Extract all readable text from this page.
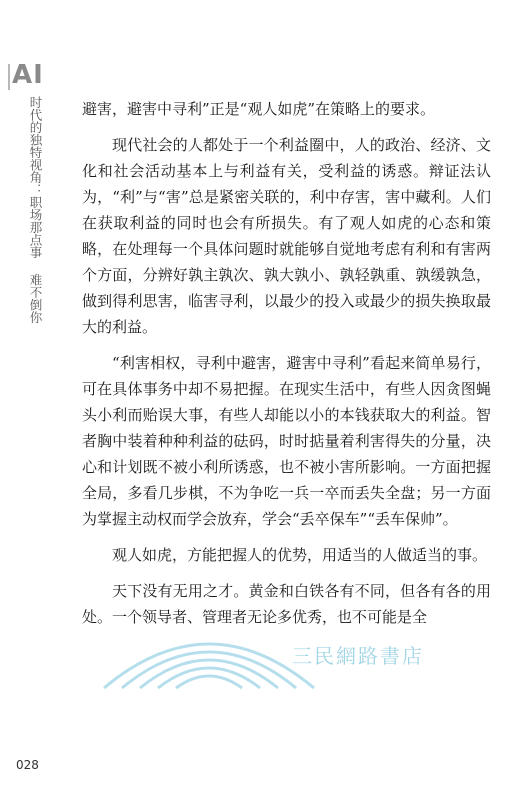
AI
时代的独特视角：职场那点事 难不倒你	避害，避害中寻利”正是“观人如虎”在策略上的要求。

现代社会的人都处于一个利益圈中，人的政治、经济、文化和社会活动基本上与利益有关，受利益的诱惑。辩证法认为，“利”与“害”总是紧密关联的，利中存害，害中藏利。人们在获取利益的同时也会有所损失。有了观人如虎的心态和策略，在处理每一个具体问题时就能够自觉地考虑有利和有害两个方面，分辨好孰主孰次、孰大孰小、孰轻孰重、孰缓孰急，做到得利思害，临害寻利，以最少的投入或最少的损失换取最大的利益。

“利害相权，寻利中避害，避害中寻利”看起来简单易行，可在具体事务中却不易把握。在现实生活中，有些人因贪图蝇头小利而贻误大事，有些人却能以小的本钱获取大的利益。智者胸中装着种种利益的砝码，时时掂量着利害得失的分量，决心和计划既不被小利所诱惑，也不被小害所影响。一方面把握全局，多看几步棋，不为争吃一兵一卒而丢失全盘；另一方面为掌握主动权而学会放弃，学会“丢卒保车”“丢车保帅”。

观人如虎，方能把握人的优势，用适当的人做适当的事。

天下没有无用之才。黄金和白铁各有不同，但各有各的用处。一个领导者、管理者无论多优秀，也不可能是全

三民網路書店
028
